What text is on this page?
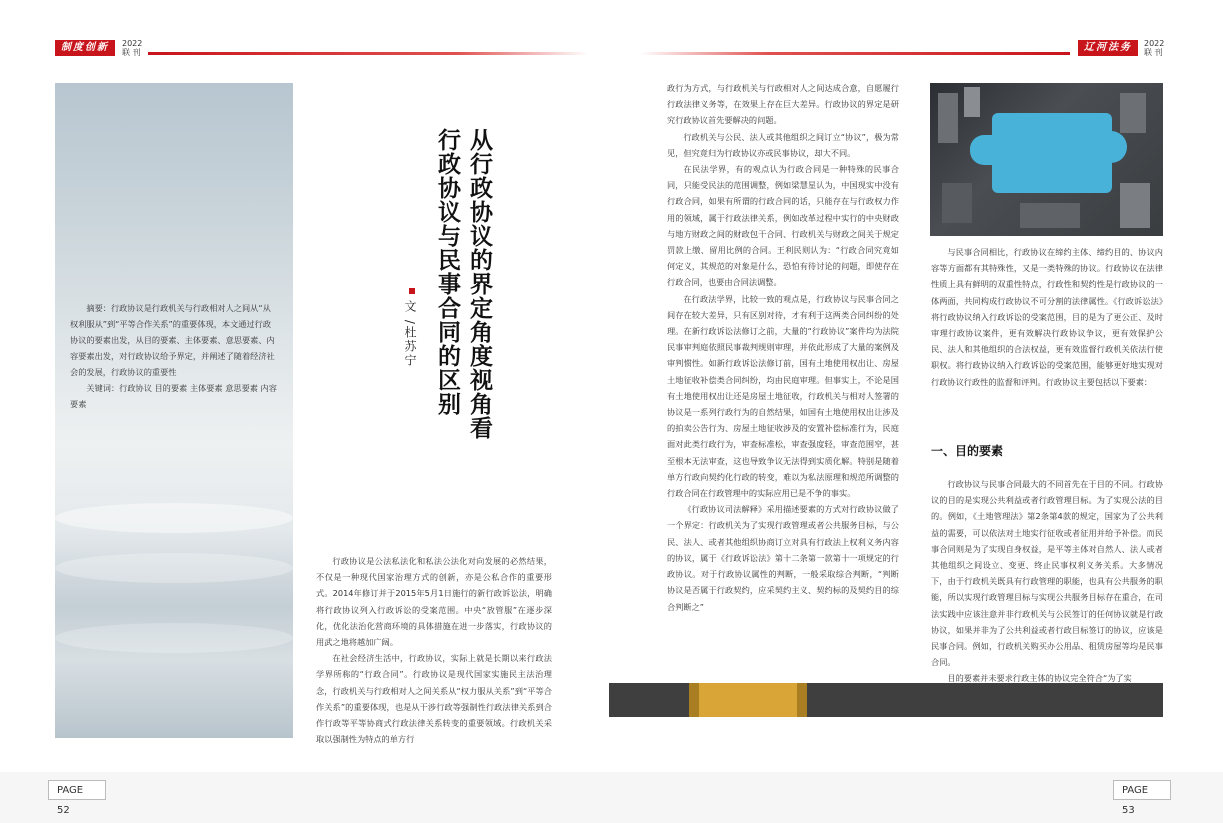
制度创新	2022
联 刊	辽河法务	2022
联 刊

摘要：行政协议是行政机关与行政相对人之间从“从权利服从”到“平等合作关系”的重要体现，本文通过行政协议的要素出发，从目的要素、主体要素、意思要素、内容要素出发，对行政协议给予界定，并阐述了随着经济社会的发展，行政协议的重要性

关键词：行政协议 目的要素 主体要素 意思要素 内容要素	从行政协议的界定角度视角看
行政协议与民事合同的区别
文 /杜苏宁

行政协议是公法私法化和私法公法化对向发展的必然结果，不仅是一种现代国家治理方式的创新，亦是公私合作的重要形式。2014年修订并于2015年5月1日施行的新行政诉讼法，明确将行政协议列入行政诉讼的受案范围。中央“放管服”在逐步深化，优化法治化营商环境的具体措施在进一步落实，行政协议的用武之地将越加广阔。

在社会经济生活中，行政协议，实际上就是长期以来行政法学界所称的“行政合同”。行政协议是现代国家实施民主法治理念，行政机关与行政相对人之间关系从“权力服从关系”到“平等合作关系”的重要体现，也是从干涉行政等强制性行政法律关系到合作行政等平等协商式行政法律关系转变的重要领域。行政机关采取以强制性为特点的单方行

政行为方式，与行政机关与行政相对人之间达成合意，自愿履行行政法律义务等，在效果上存在巨大差异。行政协议的界定是研究行政协议首先要解决的问题。

行政机关与公民、法人或其他组织之间订立“协议”，极为常见，但究竟归为行政协议亦或民事协议，却大不同。

在民法学界，有的观点认为行政合同是一种特殊的民事合同，只能受民法的范围调整，例如梁慧星认为，中国现实中没有行政合同，如果有所谓的行政合同的话，只能存在与行政权力作用的领域，属于行政法律关系，例如改革过程中实行的中央财政与地方财政之间的财政包干合同、行政机关与财政之间关于规定罚款上缴、留用比例的合同。王利民则认为：“行政合同究竟如何定义，其规范的对象是什么，恐怕有待讨论的问题，即使存在行政合同，也要由合同法调整。

在行政法学界，比较一致的观点是，行政协议与民事合同之间存在较大差异，只有区别对待，才有利于这两类合同纠纷的处理。在新行政诉讼法修订之前，大量的“行政协议”案件均为法院民事审判庭依照民事裁判规则审理，并依此形成了大量的案例及审判惯性。如新行政诉讼法修订前，国有土地使用权出让、房屋土地征收补偿类合同纠纷，均由民庭审理。但事实上，不论是国有土地使用权出让还是房屋土地征收，行政机关与相对人签署的协议是一系列行政行为的自然结果，如国有土地使用权出让涉及的拍卖公告行为、房屋土地征收涉及的安置补偿标准行为，民庭面对此类行政行为，审查标准松，审查强度轻，审查范围窄，甚至根本无法审查，这也导致争议无法得到实质化解。特别是随着单方行政向契约化行政的转变，难以为私法原理和规范所调整的行政合同在行政管理中的实际应用已是不争的事实。

《行政协议司法解释》采用描述要素的方式对行政协议做了一个界定：行政机关为了实现行政管理或者公共服务目标，与公民、法人、或者其他组织协商订立对具有行政法上权利义务内容的协议，属于《行政诉讼法》第十二条第一款第十一项规定的行政协议。对于行政协议属性的判断，一般采取综合判断，“判断协议是否属于行政契约，应采契约主义、契约标的及契约目的综合判断之”

与民事合同相比，行政协议在缔约主体、缔约目的、协议内容等方面都有其特殊性，又是一类特殊的协议。行政协议在法律性质上具有鲜明的双重性特点，行政性和契约性是行政协议的一体两面，共同构成行政协议不可分割的法律属性。《行政诉讼法》将行政协议纳入行政诉讼的受案范围，目的是为了更公正、及时审理行政协议案件，更有效解决行政协议争议，更有效保护公民、法人和其他组织的合法权益，更有效监督行政机关依法行使职权。将行政协议纳入行政诉讼的受案范围，能够更好地实现对行政协议行政性的监督和评判。行政协议主要包括以下要素：

一、目的要素

行政协议与民事合同最大的不同首先在于目的不同。行政协议的目的是实现公共利益或者行政管理目标。为了实现公法的目的。例如，《土地管理法》第2条第4款的规定，国家为了公共利益的需要，可以依法对土地实行征收或者征用并给予补偿。而民事合同则是为了实现自身权益，是平等主体对自然人、法人或者其他组织之间设立、变更、终止民事权利义务关系。大多情况下，由于行政机关既具有行政管理的职能，也具有公共服务的职能，所以实现行政管理目标与实现公共服务目标存在重合，在司法实践中应该注意并非行政机关与公民签订的任何协议就是行政协议，如果并非为了公共利益或者行政目标签订的协议，应该是民事合同。例如，行政机关购买办公用品、租赁房屋等均是民事合同。

目的要素并未要求行政主体的协议完全符合“为了实

PAGE 52
PAGE 53
